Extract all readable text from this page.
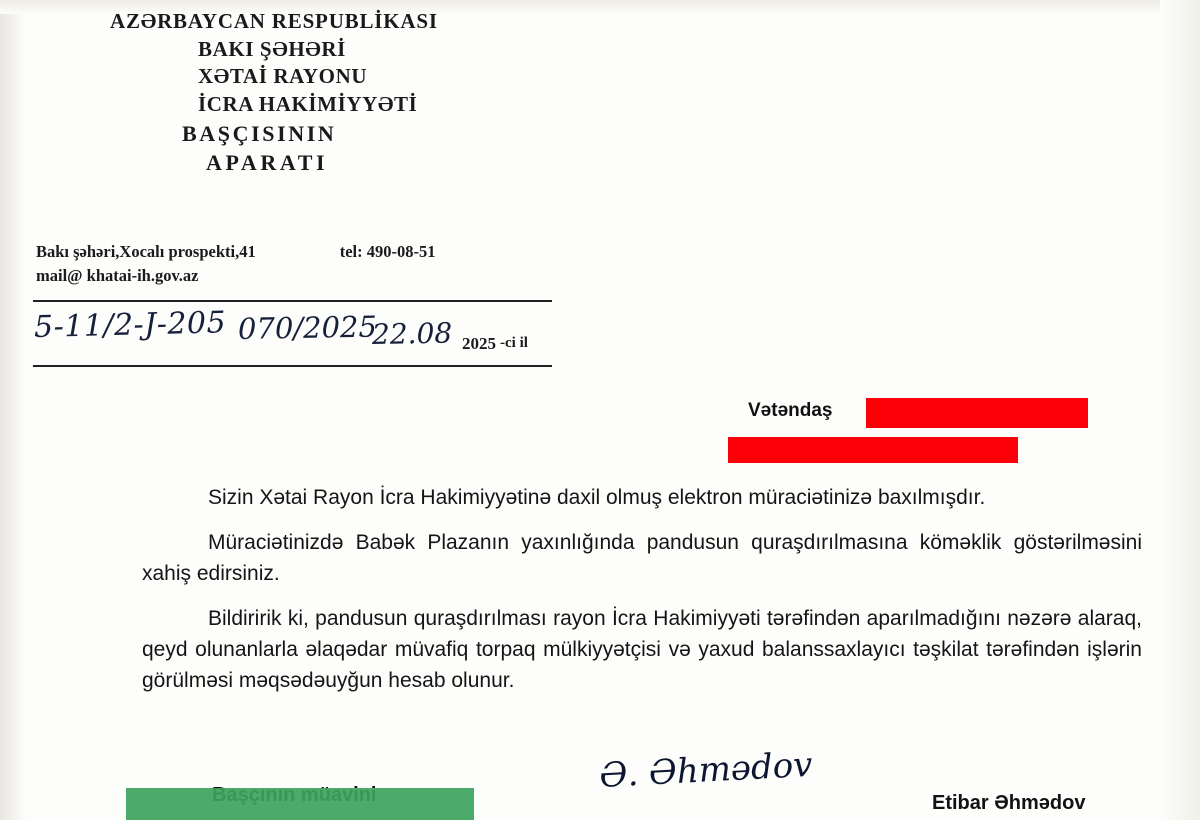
AZƏRBAYCAN RESPUBLİKASI
BAKI ŞƏHƏRİ
XƏTAİ RAYONU
İCRA HAKİMİYYƏTİ
BAŞÇISININ
APARATI
Bakı şəhəri,Xocalı prospekti,41	tel: 490-08-51
mail@ khatai-ih.gov.az
5-11/2-J-205 070/2025
22.08 2025 -ci il
Vətəndaş

Sizin Xətai Rayon İcra Hakimiyyətinə daxil olmuş elektron müraciətinizə baxılmışdır.

Müraciətinizdə Babək Plazanın yaxınlığında pandusun quraşdırılmasına köməklik göstərilməsini xahiş edirsiniz.

Bildiririk ki, pandusun quraşdırılması rayon İcra Hakimiyyəti tərəfindən aparılmadığını nəzərə alaraq, qeyd olunanlarla əlaqədar müvafiq torpaq mülkiyyətçisi və yaxud balanssaxlayıcı təşkilat tərəfindən işlərin görülməsi məqsədəuyğun hesab olunur.

Ə. Əhmədov
Etibar Əhmədov
